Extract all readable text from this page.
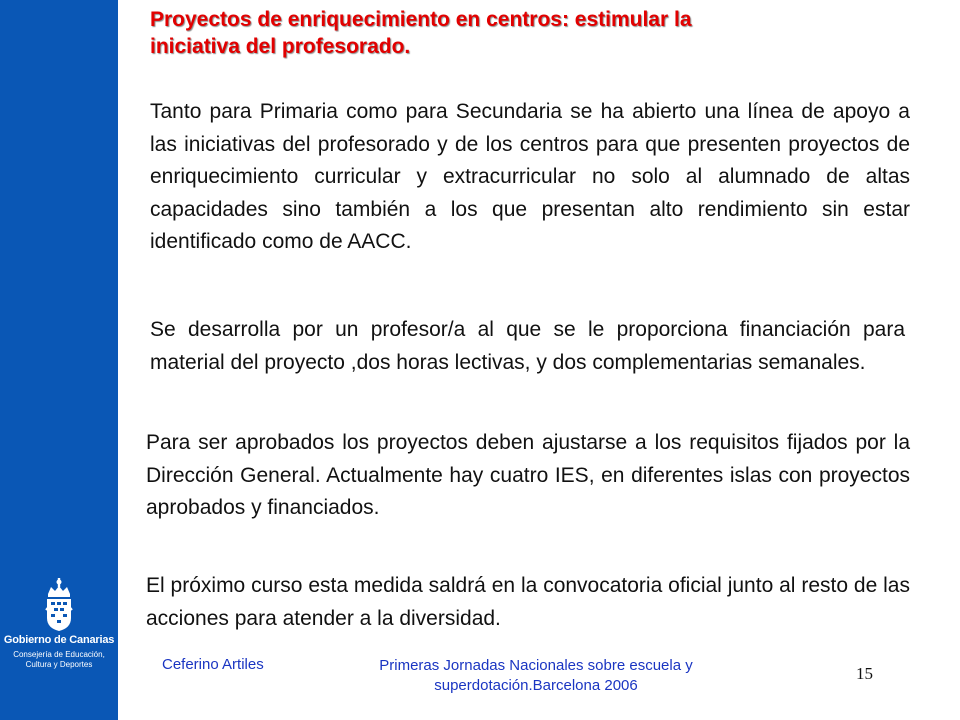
Gobierno de Canarias
Consejería de Educación,
Cultura y Deportes
Proyectos de enriquecimiento en centros: estimular la
iniciativa del profesorado.

Tanto para Primaria como para Secundaria se ha abierto una línea de apoyo a las iniciativas del profesorado y de los centros para que presenten proyectos de enriquecimiento curricular y extracurricular no solo al alumnado de altas capacidades sino también a los que presentan alto rendimiento sin estar identificado como de AACC.

Se desarrolla por un profesor/a al que se le proporciona financiación para material del proyecto ,dos horas lectivas, y dos complementarias semanales.

Para ser aprobados los proyectos deben ajustarse a los requisitos fijados por la Dirección General. Actualmente hay cuatro IES, en diferentes islas con proyectos aprobados y financiados.

El próximo curso esta medida saldrá en la convocatoria oficial junto al resto de las acciones para atender a la diversidad.

Ceferino Artiles	Primeras Jornadas Nacionales sobre escuela y
superdotación.Barcelona 2006
15
